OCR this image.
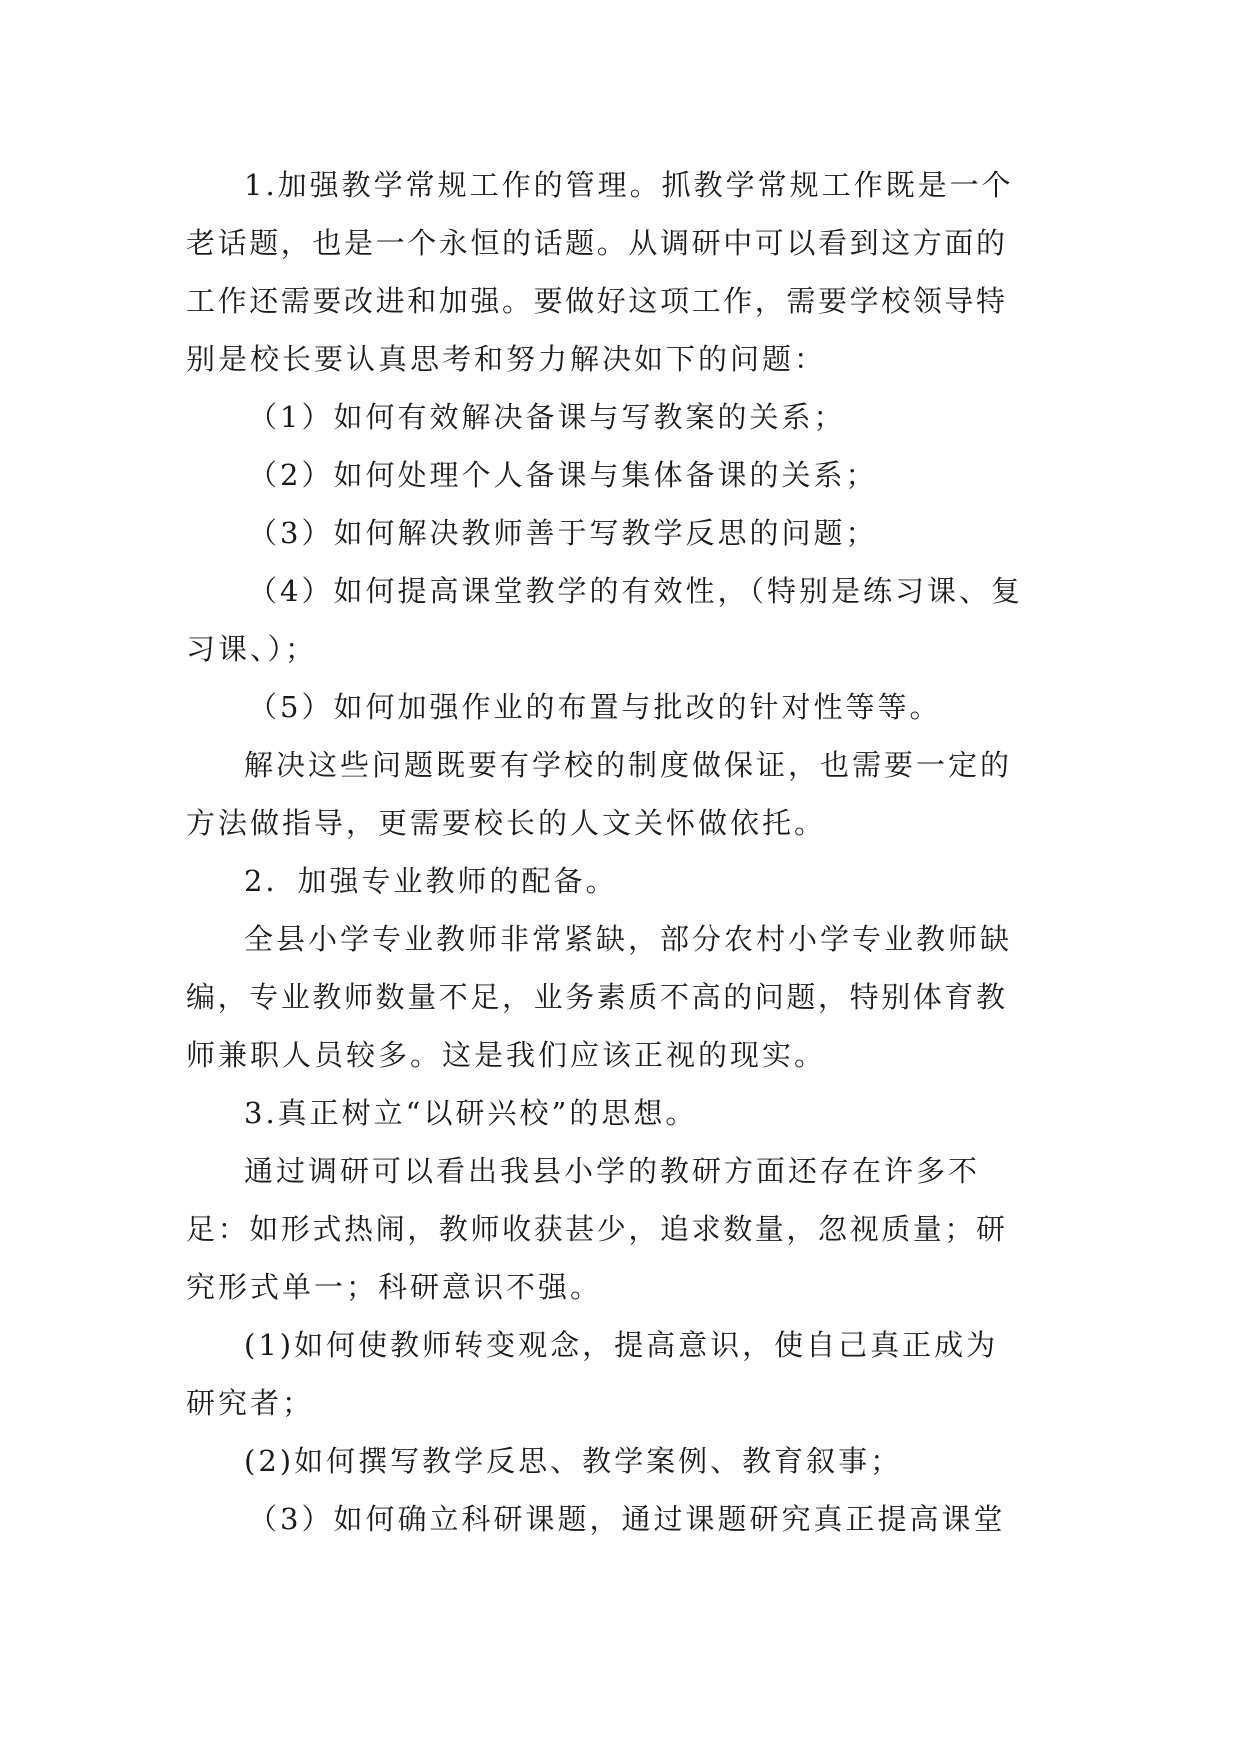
1.加强教学常规工作的管理。抓教学常规工作既是一个
老话题，也是一个永恒的话题。从调研中可以看到这方面的
工作还需要改进和加强。要做好这项工作，需要学校领导特
别是校长要认真思考和努力解决如下的问题：
（1）如何有效解决备课与写教案的关系；
（2）如何处理个人备课与集体备课的关系；
（3）如何解决教师善于写教学反思的问题；
（4）如何提高课堂教学的有效性，（特别是练习课、复
习课、）；
（5）如何加强作业的布置与批改的针对性等等。
解决这些问题既要有学校的制度做保证，也需要一定的
方法做指导，更需要校长的人文关怀做依托。
2．加强专业教师的配备。
全县小学专业教师非常紧缺，部分农村小学专业教师缺
编，专业教师数量不足，业务素质不高的问题，特别体育教
师兼职人员较多。这是我们应该正视的现实。
3.真正树立“以研兴校”的思想。
通过调研可以看出我县小学的教研方面还存在许多不
足：如形式热闹，教师收获甚少，追求数量，忽视质量；研
究形式单一；科研意识不强。
(1)如何使教师转变观念，提高意识，使自己真正成为
研究者；
(2)如何撰写教学反思、教学案例、教育叙事；
（3）如何确立科研课题，通过课题研究真正提高课堂
